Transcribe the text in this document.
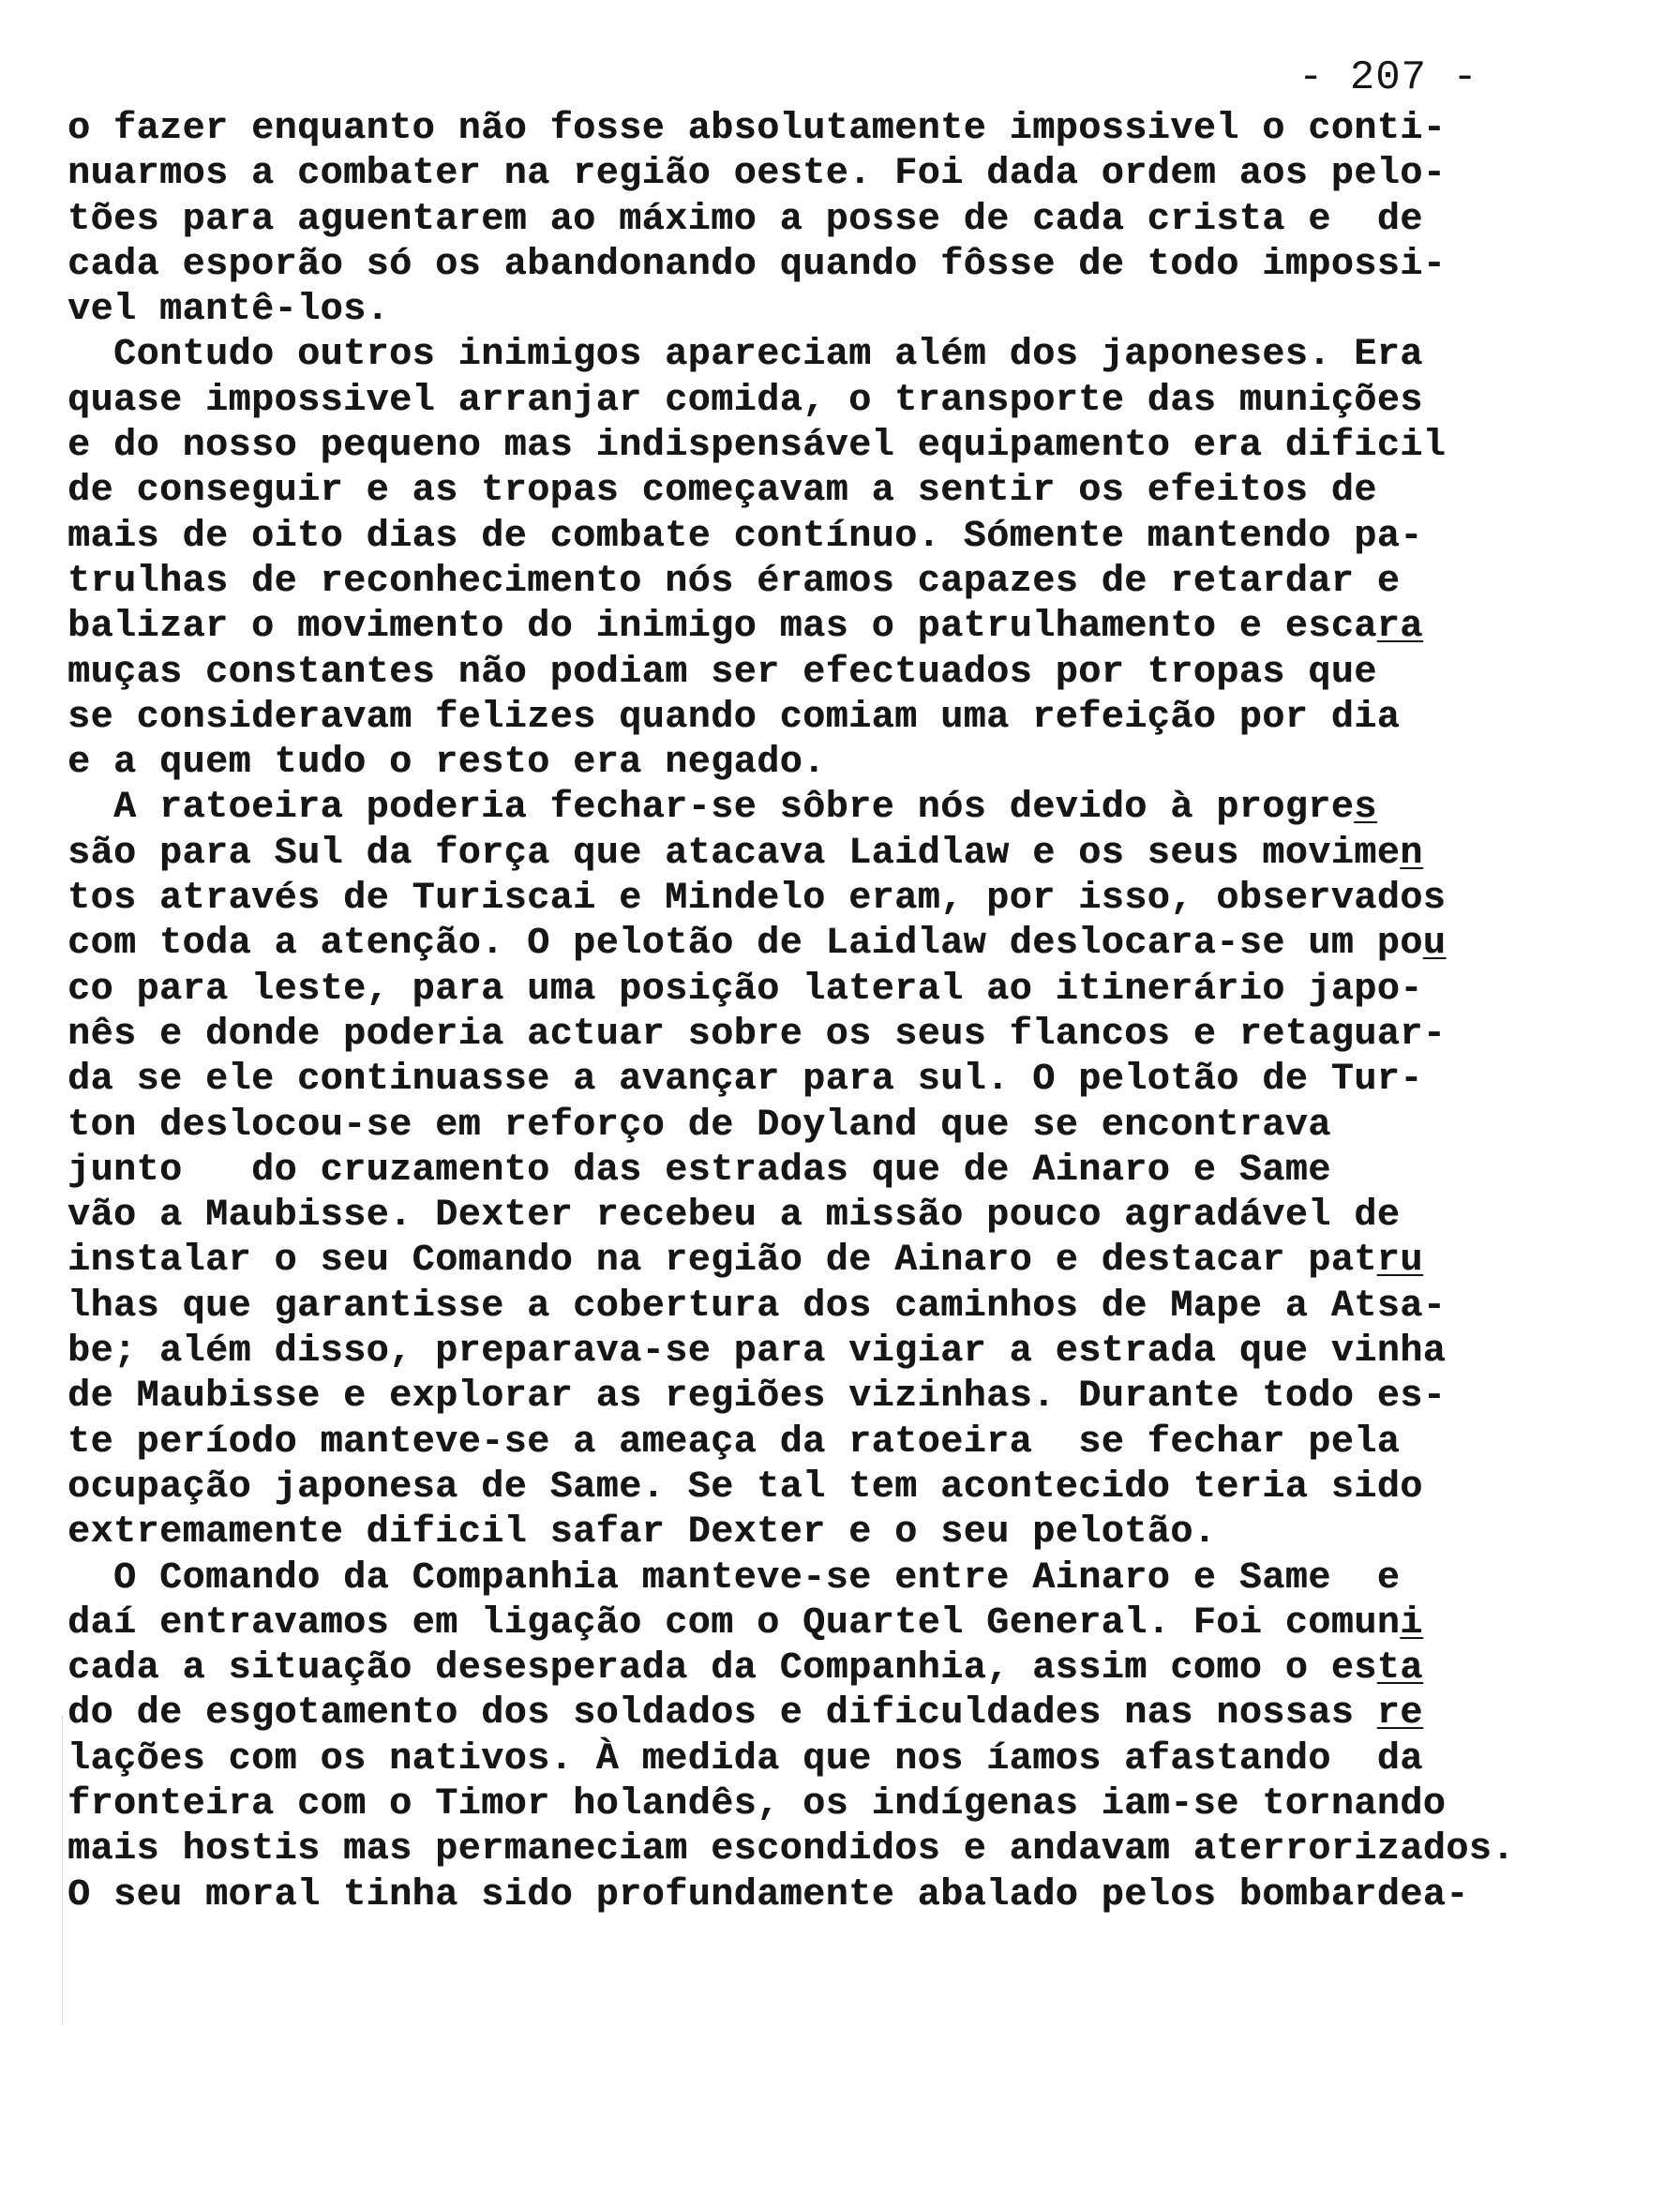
- 207 -
o fazer enquanto não fosse absolutamente impossivel o conti-
nuarmos a combater na região oeste. Foi dada ordem aos pelo-
tões para aguentarem ao máximo a posse de cada crista e  de
cada esporão só os abandonando quando fôsse de todo impossi-
vel mantê-los.
Contudo outros inimigos apareciam além dos japoneses. Era
quase impossivel arranjar comida, o transporte das munições
e do nosso pequeno mas indispensável equipamento era dificil
de conseguir e as tropas começavam a sentir os efeitos de
mais de oito dias de combate contínuo. Sómente mantendo pa-
trulhas de reconhecimento nós éramos capazes de retardar e
balizar o movimento do inimigo mas o patrulhamento e escara
muças constantes não podiam ser efectuados por tropas que
se consideravam felizes quando comiam uma refeição por dia
e a quem tudo o resto era negado.
A ratoeira poderia fechar-se sôbre nós devido à progres
são para Sul da força que atacava Laidlaw e os seus movimen
tos através de Turiscai e Mindelo eram, por isso, observados
com toda a atenção. O pelotão de Laidlaw deslocara-se um pou
co para leste, para uma posição lateral ao itinerário japo-
nês e donde poderia actuar sobre os seus flancos e retaguar-
da se ele continuasse a avançar para sul. O pelotão de Tur-
ton deslocou-se em reforço de Doyland que se encontrava
junto   do cruzamento das estradas que de Ainaro e Same
vão a Maubisse. Dexter recebeu a missão pouco agradável de
instalar o seu Comando na região de Ainaro e destacar patru
lhas que garantisse a cobertura dos caminhos de Mape a Atsa-
be; além disso, preparava-se para vigiar a estrada que vinha
de Maubisse e explorar as regiões vizinhas. Durante todo es-
te período manteve-se a ameaça da ratoeira  se fechar pela
ocupação japonesa de Same. Se tal tem acontecido teria sido
extremamente dificil safar Dexter e o seu pelotão.
O Comando da Companhia manteve-se entre Ainaro e Same  e
daí entravamos em ligação com o Quartel General. Foi comuni
cada a situação desesperada da Companhia, assim como o esta
do de esgotamento dos soldados e dificuldades nas nossas re
lações com os nativos. À medida que nos íamos afastando  da
fronteira com o Timor holandês, os indígenas iam-se tornando
mais hostis mas permaneciam escondidos e andavam aterrorizados.
O seu moral tinha sido profundamente abalado pelos bombardea-
